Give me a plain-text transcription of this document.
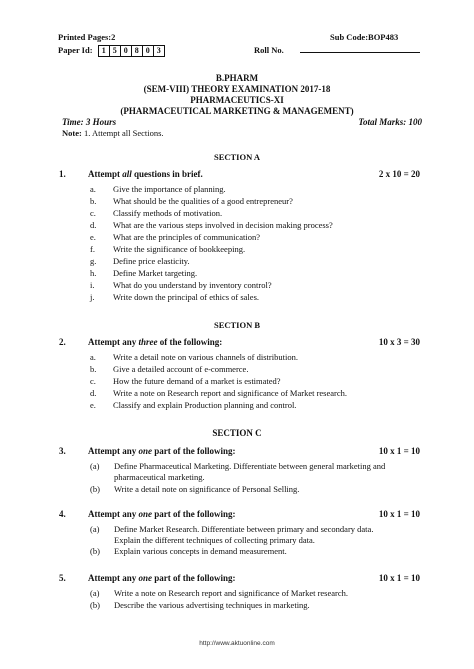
Printed Pages:2	Sub Code:BOP483
Paper Id:	1 5 0 8 0 3	Roll No.
B.PHARM
(SEM-VIII) THEORY EXAMINATION 2017-18
PHARMACEUTICS-XI
(PHARMACEUTICAL MARKETING & MANAGEMENT)
Time: 3 Hours	Total Marks: 100
Note: 1. Attempt all Sections.
SECTION A
1. Attempt all questions in brief.	2 x 10 = 20
a. Give the importance of planning.
b. What should be the qualities of a good entrepreneur?
c. Classify methods of motivation.
d. What are the various steps involved in decision making process?
e. What are the principles of communication?
f. Write the significance of bookkeeping.
g. Define price elasticity.
h. Define Market targeting.
i. What do you understand by inventory control?
j. Write down the principal of ethics of sales.
SECTION B
2. Attempt any three of the following:	10 x 3 = 30
a. Write a detail note on various channels of distribution.
b. Give a detailed account of e-commerce.
c. How the future demand of a market is estimated?
d. Write a note on Research report and significance of Market research.
e. Classify and explain Production planning and control.
SECTION C
3. Attempt any one part of the following:	10 x 1 = 10
(a) Define Pharmaceutical Marketing. Differentiate between general marketing and
pharmaceutical marketing.
(b) Write a detail note on significance of Personal Selling.
4. Attempt any one part of the following:	10 x 1 = 10
(a) Define Market Research. Differentiate between primary and secondary data.
Explain the different techniques of collecting primary data.
(b) Explain various concepts in demand measurement.
5. Attempt any one part of the following:	10 x 1 = 10
(a) Write a note on Research report and significance of Market research.
(b) Describe the various advertising techniques in marketing.
http://www.aktuonline.com
